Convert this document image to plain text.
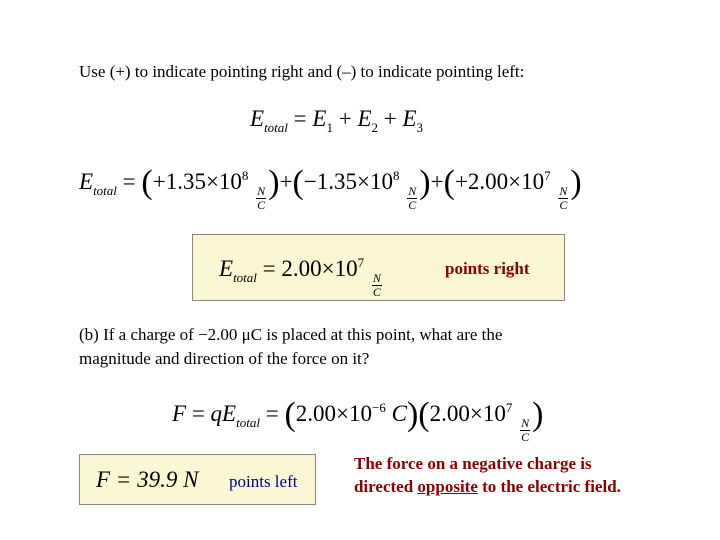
Use (+) to indicate pointing right and (–) to indicate pointing left:
$E_{total} = E_1 + E_2 + E_3$
$E_{total} = (+1.35\times 10^8$
$\frac{N}{C} )+(-1.35\times 10^8$
$\frac{N}{C} )+(+2.00\times 10^7$
$\frac{N}{C}$ )
$E_{total} = 2.00\times 10^7$
$\frac{N}{C}$
points right
(b) If a charge of −2.00 μC is placed at this point, what are the
magnitude and direction of the force on it?
$F = qE_{total} = (2.00\times 10^{-6}$ $C)(2.00\times 10^7$
$\frac{N}{C}$ )
F = 39.9 N points left
The force on a negative charge is
directed opposite to the electric field.
